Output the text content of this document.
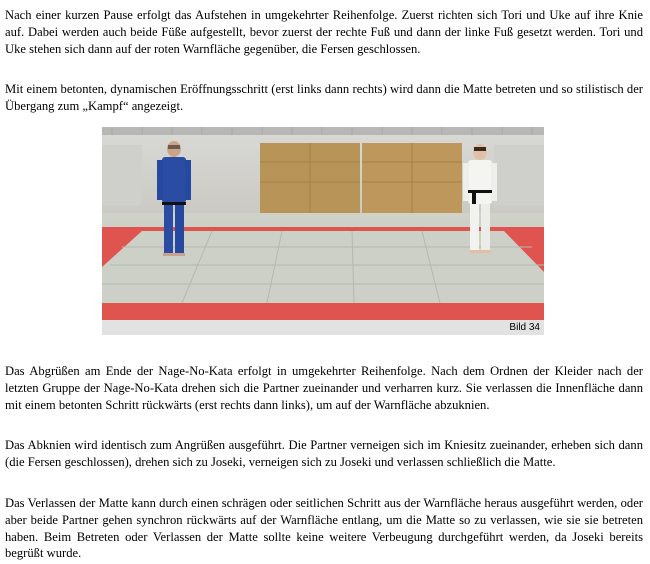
Nach einer kurzen Pause erfolgt das Aufstehen in umgekehrter Reihenfolge. Zuerst richten sich Tori und Uke auf ihre Knie auf. Dabei werden auch beide Füße aufgestellt, bevor zuerst der rechte Fuß und dann der linke Fuß gesetzt werden. Tori und Uke stehen sich dann auf der roten Warnfläche gegenüber, die Fersen geschlossen.

Mit einem betonten, dynamischen Eröffnungsschritt (erst links dann rechts) wird dann die Matte betreten und so stilistisch der Übergang zum „Kampf“ angezeigt.

Bild 34

Das Abgrüßen am Ende der Nage-No-Kata erfolgt in umgekehrter Reihenfolge. Nach dem Ordnen der Kleider nach der letzten Gruppe der Nage-No-Kata drehen sich die Partner zueinander und verharren kurz. Sie verlassen die Innenfläche dann mit einem betonten Schritt rückwärts (erst rechts dann links), um auf der Warnfläche abzuknien.

Das Abknien wird identisch zum Angrüßen ausgeführt. Die Partner verneigen sich im Kniesitz zueinander, erheben sich dann (die Fersen geschlossen), drehen sich zu Joseki, verneigen sich zu Joseki und verlassen schließlich die Matte.

Das Verlassen der Matte kann durch einen schrägen oder seitlichen Schritt aus der Warnfläche heraus ausgeführt werden, oder aber beide Partner gehen synchron rückwärts auf der Warnfläche entlang, um die Matte so zu verlassen, wie sie sie betreten haben. Beim Betreten oder Verlassen der Matte sollte keine weitere Verbeugung durchgeführt werden, da Joseki bereits begrüßt wurde.
